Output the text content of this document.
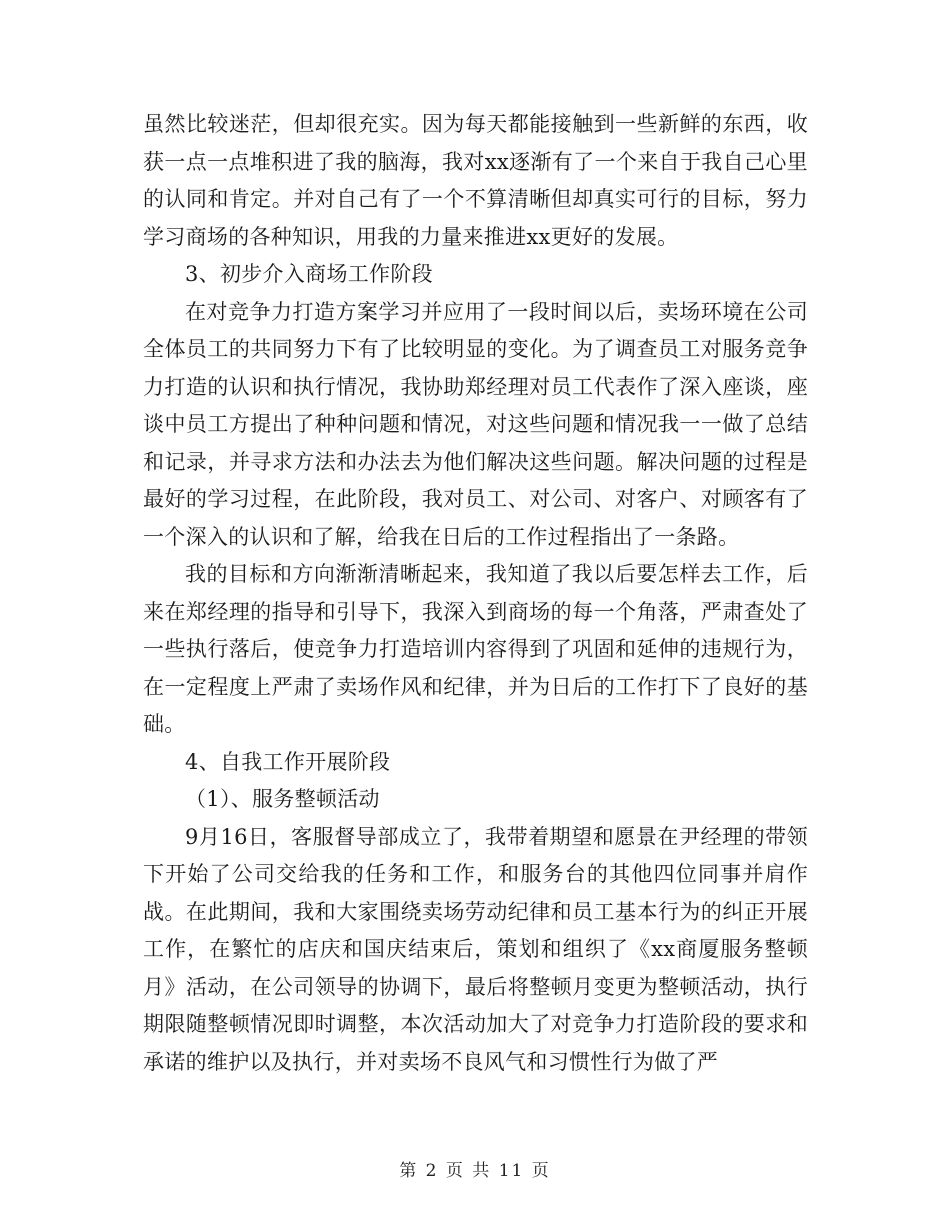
虽然比较迷茫，但却很充实。因为每天都能接触到一些新鲜的东西，收获一点一点堆积进了我的脑海，我对xx逐渐有了一个来自于我自己心里的认同和肯定。并对自己有了一个不算清晰但却真实可行的目标，努力学习商场的各种知识，用我的力量来推进xx更好的发展。

3、初步介入商场工作阶段

在对竞争力打造方案学习并应用了一段时间以后，卖场环境在公司全体员工的共同努力下有了比较明显的变化。为了调查员工对服务竞争力打造的认识和执行情况，我协助郑经理对员工代表作了深入座谈，座谈中员工方提出了种种问题和情况，对这些问题和情况我一一做了总结和记录，并寻求方法和办法去为他们解决这些问题。解决问题的过程是最好的学习过程，在此阶段，我对员工、对公司、对客户、对顾客有了一个深入的认识和了解，给我在日后的工作过程指出了一条路。

我的目标和方向渐渐清晰起来，我知道了我以后要怎样去工作，后来在郑经理的指导和引导下，我深入到商场的每一个角落，严肃查处了一些执行落后，使竞争力打造培训内容得到了巩固和延伸的违规行为，在一定程度上严肃了卖场作风和纪律，并为日后的工作打下了良好的基础。

4、自我工作开展阶段

（1）、服务整顿活动

9月16日，客服督导部成立了，我带着期望和愿景在尹经理的带领下开始了公司交给我的任务和工作，和服务台的其他四位同事并肩作战。在此期间，我和大家围绕卖场劳动纪律和员工基本行为的纠正开展工作，在繁忙的店庆和国庆结束后，策划和组织了《xx商厦服务整顿月》活动，在公司领导的协调下，最后将整顿月变更为整顿活动，执行期限随整顿情况即时调整，本次活动加大了对竞争力打造阶段的要求和承诺的维护以及执行，并对卖场不良风气和习惯性行为做了严

第 2 页 共 11 页
